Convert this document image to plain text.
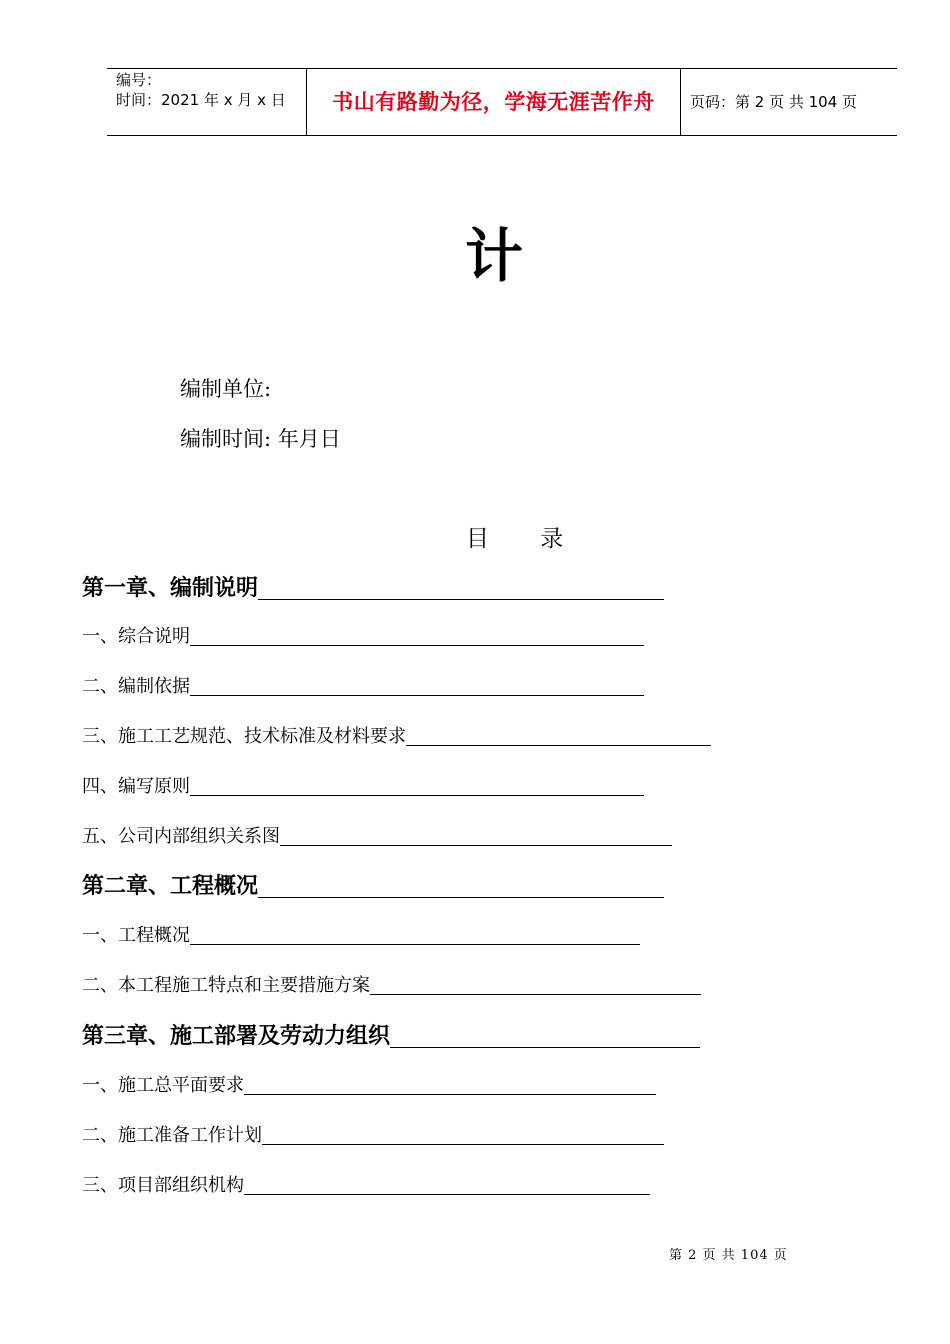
编号：
时间：2021 年 x 月 x 日	书山有路勤为径，学海无涯苦作舟	页码：第 2 页 共 104 页
计
编制单位:
编制时间: 年月日
目 录
第一章、编制说明
一、综合说明
二、编制依据
三、施工工艺规范、技术标准及材料要求
四、编写原则
五、公司内部组织关系图
第二章、工程概况
一、工程概况
二、本工程施工特点和主要措施方案
第三章、施工部署及劳动力组织
一、施工总平面要求
二、施工准备工作计划
三、项目部组织机构
第 2 页 共 104 页
